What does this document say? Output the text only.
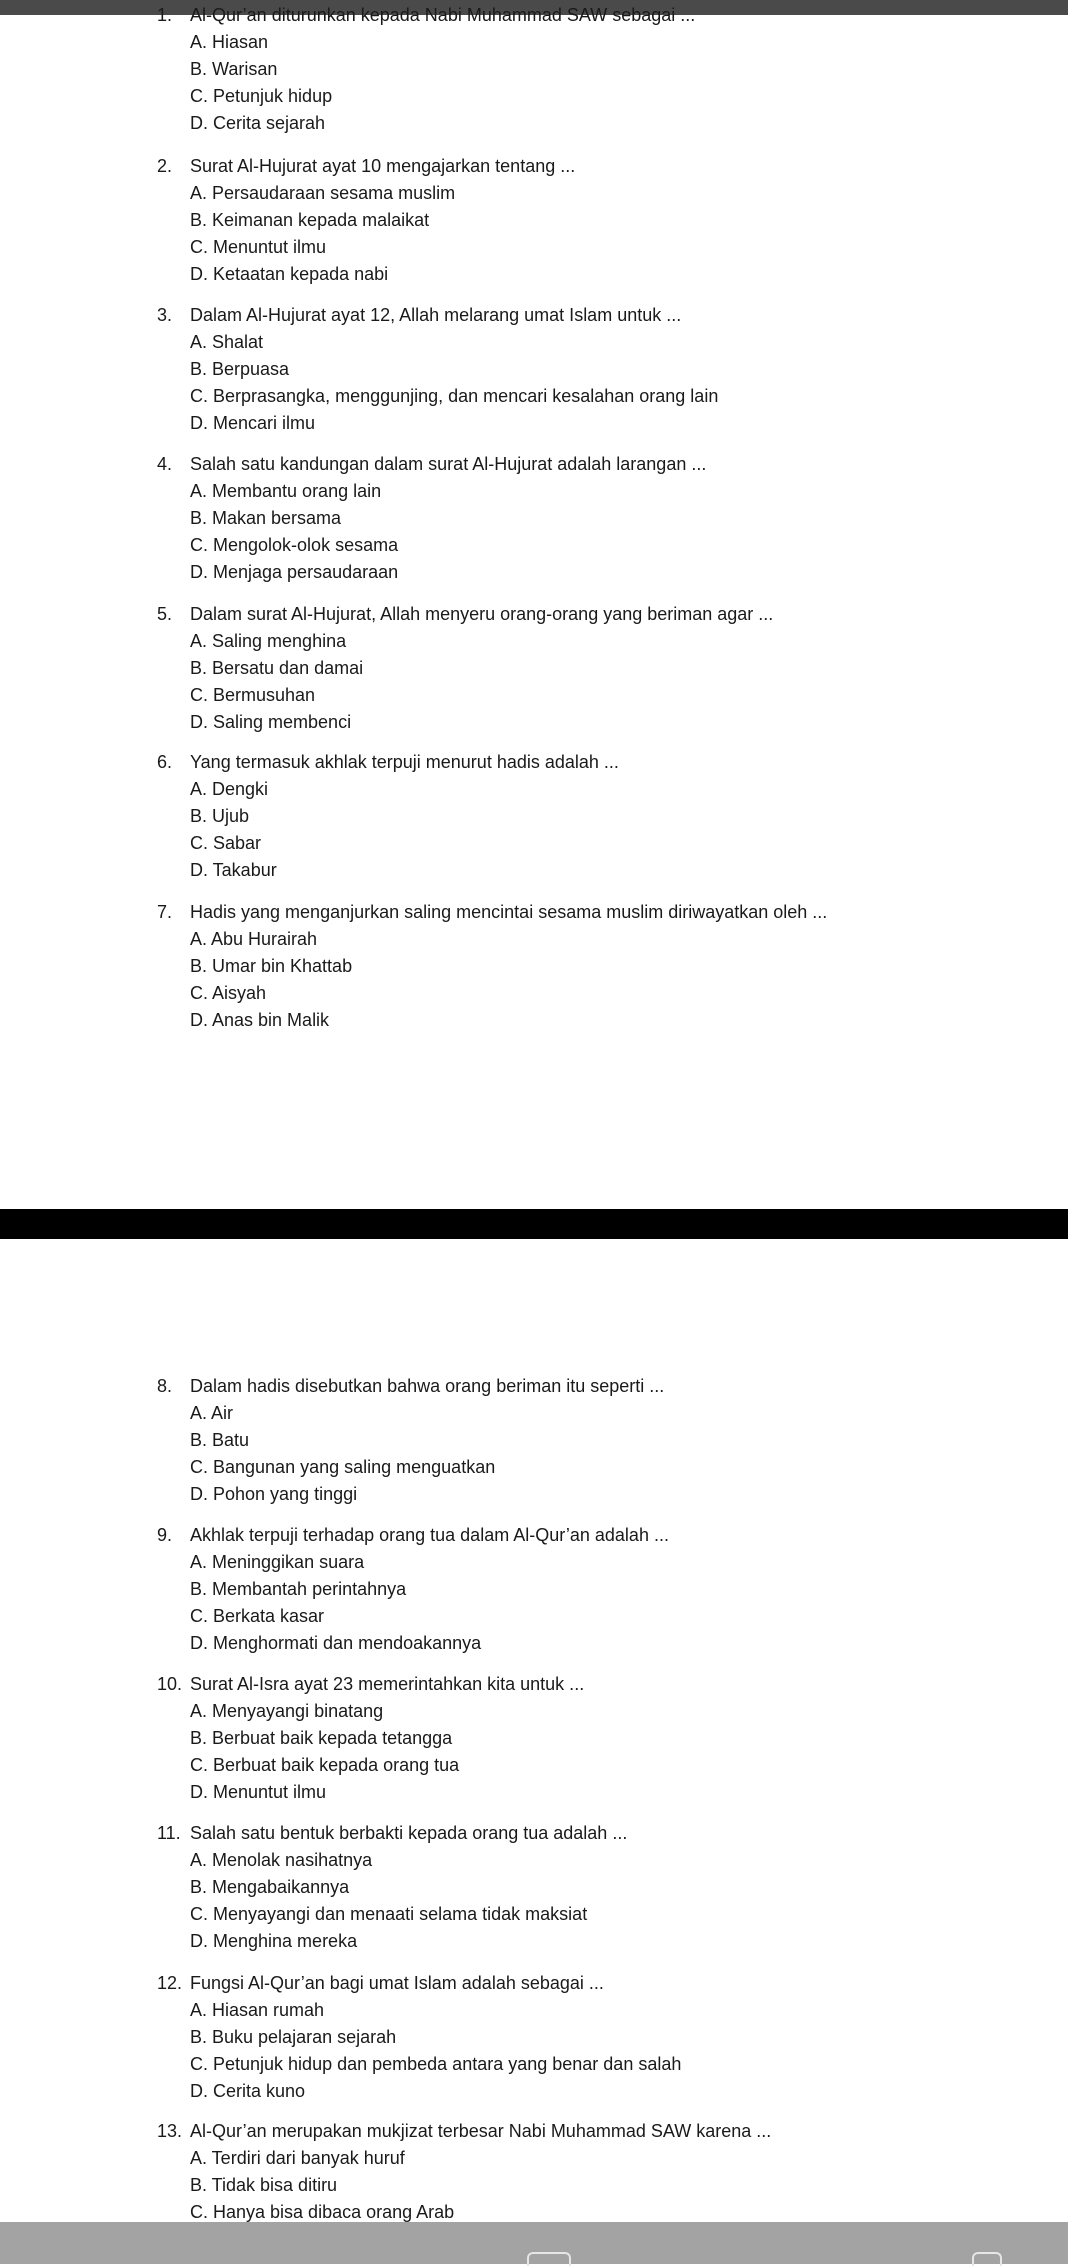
1. Al-Qur’an diturunkan kepada Nabi Muhammad SAW sebagai ...
A. Hiasan
B. Warisan
C. Petunjuk hidup
D. Cerita sejarah
2. Surat Al-Hujurat ayat 10 mengajarkan tentang ...
A. Persaudaraan sesama muslim
B. Keimanan kepada malaikat
C. Menuntut ilmu
D. Ketaatan kepada nabi
3. Dalam Al-Hujurat ayat 12, Allah melarang umat Islam untuk ...
A. Shalat
B. Berpuasa
C. Berprasangka, menggunjing, dan mencari kesalahan orang lain
D. Mencari ilmu
4. Salah satu kandungan dalam surat Al-Hujurat adalah larangan ...
A. Membantu orang lain
B. Makan bersama
C. Mengolok-olok sesama
D. Menjaga persaudaraan
5. Dalam surat Al-Hujurat, Allah menyeru orang-orang yang beriman agar ...
A. Saling menghina
B. Bersatu dan damai
C. Bermusuhan
D. Saling membenci
6. Yang termasuk akhlak terpuji menurut hadis adalah ...
A. Dengki
B. Ujub
C. Sabar
D. Takabur
7. Hadis yang menganjurkan saling mencintai sesama muslim diriwayatkan oleh ...
A. Abu Hurairah
B. Umar bin Khattab
C. Aisyah
D. Anas bin Malik
8. Dalam hadis disebutkan bahwa orang beriman itu seperti ...
A. Air
B. Batu
C. Bangunan yang saling menguatkan
D. Pohon yang tinggi
9. Akhlak terpuji terhadap orang tua dalam Al-Qur’an adalah ...
A. Meninggikan suara
B. Membantah perintahnya
C. Berkata kasar
D. Menghormati dan mendoakannya
10. Surat Al-Isra ayat 23 memerintahkan kita untuk ...
A. Menyayangi binatang
B. Berbuat baik kepada tetangga
C. Berbuat baik kepada orang tua
D. Menuntut ilmu
11. Salah satu bentuk berbakti kepada orang tua adalah ...
A. Menolak nasihatnya
B. Mengabaikannya
C. Menyayangi dan menaati selama tidak maksiat
D. Menghina mereka
12. Fungsi Al-Qur’an bagi umat Islam adalah sebagai ...
A. Hiasan rumah
B. Buku pelajaran sejarah
C. Petunjuk hidup dan pembeda antara yang benar dan salah
D. Cerita kuno
13. Al-Qur’an merupakan mukjizat terbesar Nabi Muhammad SAW karena ...
A. Terdiri dari banyak huruf
B. Tidak bisa ditiru
C. Hanya bisa dibaca orang Arab
